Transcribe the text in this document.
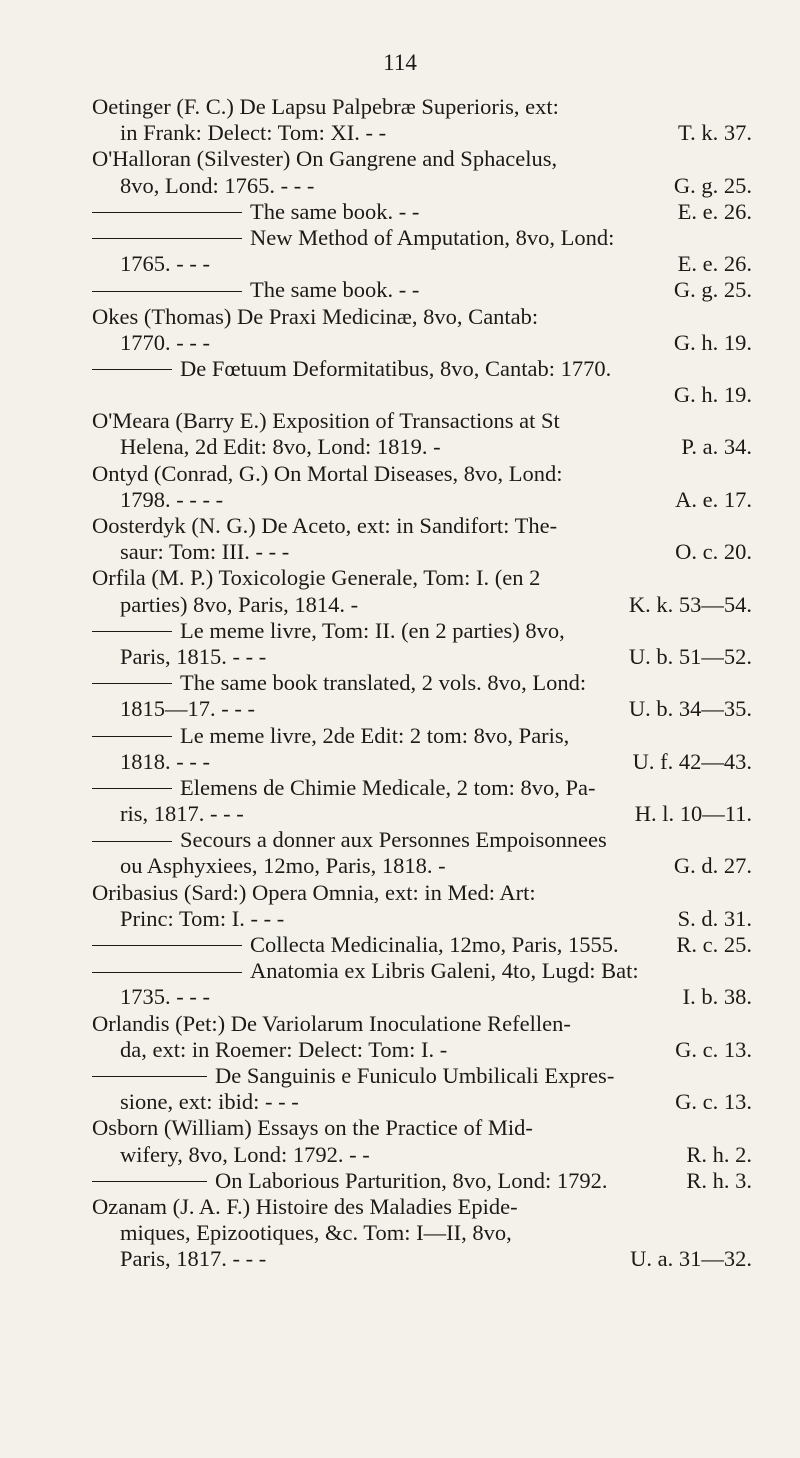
114
Oetinger (F. C.) De Lapsu Palpebræ Superioris, ext:
in Frank: Delect: Tom: XI. - -	T. k. 37.
O'Halloran (Silvester) On Gangrene and Sphacelus,
8vo, Lond: 1765. - - -	G. g. 25.
The same book. - -	E. e. 26.
New Method of Amputation, 8vo, Lond:
1765. - - -	E. e. 26.
The same book. - -	G. g. 25.
Okes (Thomas) De Praxi Medicinæ, 8vo, Cantab:
1770. - - -	G. h. 19.
De Fœtuum Deformitatibus, 8vo, Cantab: 1770.
G. h. 19.
O'Meara (Barry E.) Exposition of Transactions at St
Helena, 2d Edit: 8vo, Lond: 1819. -	P. a. 34.
Ontyd (Conrad, G.) On Mortal Diseases, 8vo, Lond:
1798. - - - -	A. e. 17.
Oosterdyk (N. G.) De Aceto, ext: in Sandifort: The-
saur: Tom: III. - - -	O. c. 20.
Orfila (M. P.) Toxicologie Generale, Tom: I. (en 2
parties) 8vo, Paris, 1814. -	K. k. 53—54.
Le meme livre, Tom: II. (en 2 parties) 8vo,
Paris, 1815. - - -	U. b. 51—52.
The same book translated, 2 vols. 8vo, Lond:
1815—17. - - -	U. b. 34—35.
Le meme livre, 2de Edit: 2 tom: 8vo, Paris,
1818. - - -	U. f. 42—43.
Elemens de Chimie Medicale, 2 tom: 8vo, Pa-
ris, 1817. - - -	H. l. 10—11.
Secours a donner aux Personnes Empoisonnees
ou Asphyxiees, 12mo, Paris, 1818. -	G. d. 27.
Oribasius (Sard:) Opera Omnia, ext: in Med: Art:
Princ: Tom: I. - - -	S. d. 31.
Collecta Medicinalia, 12mo, Paris, 1555.	R. c. 25.
Anatomia ex Libris Galeni, 4to, Lugd: Bat:
1735. - - -	I. b. 38.
Orlandis (Pet:) De Variolarum Inoculatione Refellen-
da, ext: in Roemer: Delect: Tom: I. -	G. c. 13.
De Sanguinis e Funiculo Umbilicali Expres-
sione, ext: ibid: - - -	G. c. 13.
Osborn (William) Essays on the Practice of Mid-
wifery, 8vo, Lond: 1792. - -	R. h. 2.
On Laborious Parturition, 8vo, Lond: 1792.	R. h. 3.
Ozanam (J. A. F.) Histoire des Maladies Epide-
miques, Epizootiques, &c. Tom: I—II, 8vo,
Paris, 1817. - - -	U. a. 31—32.
